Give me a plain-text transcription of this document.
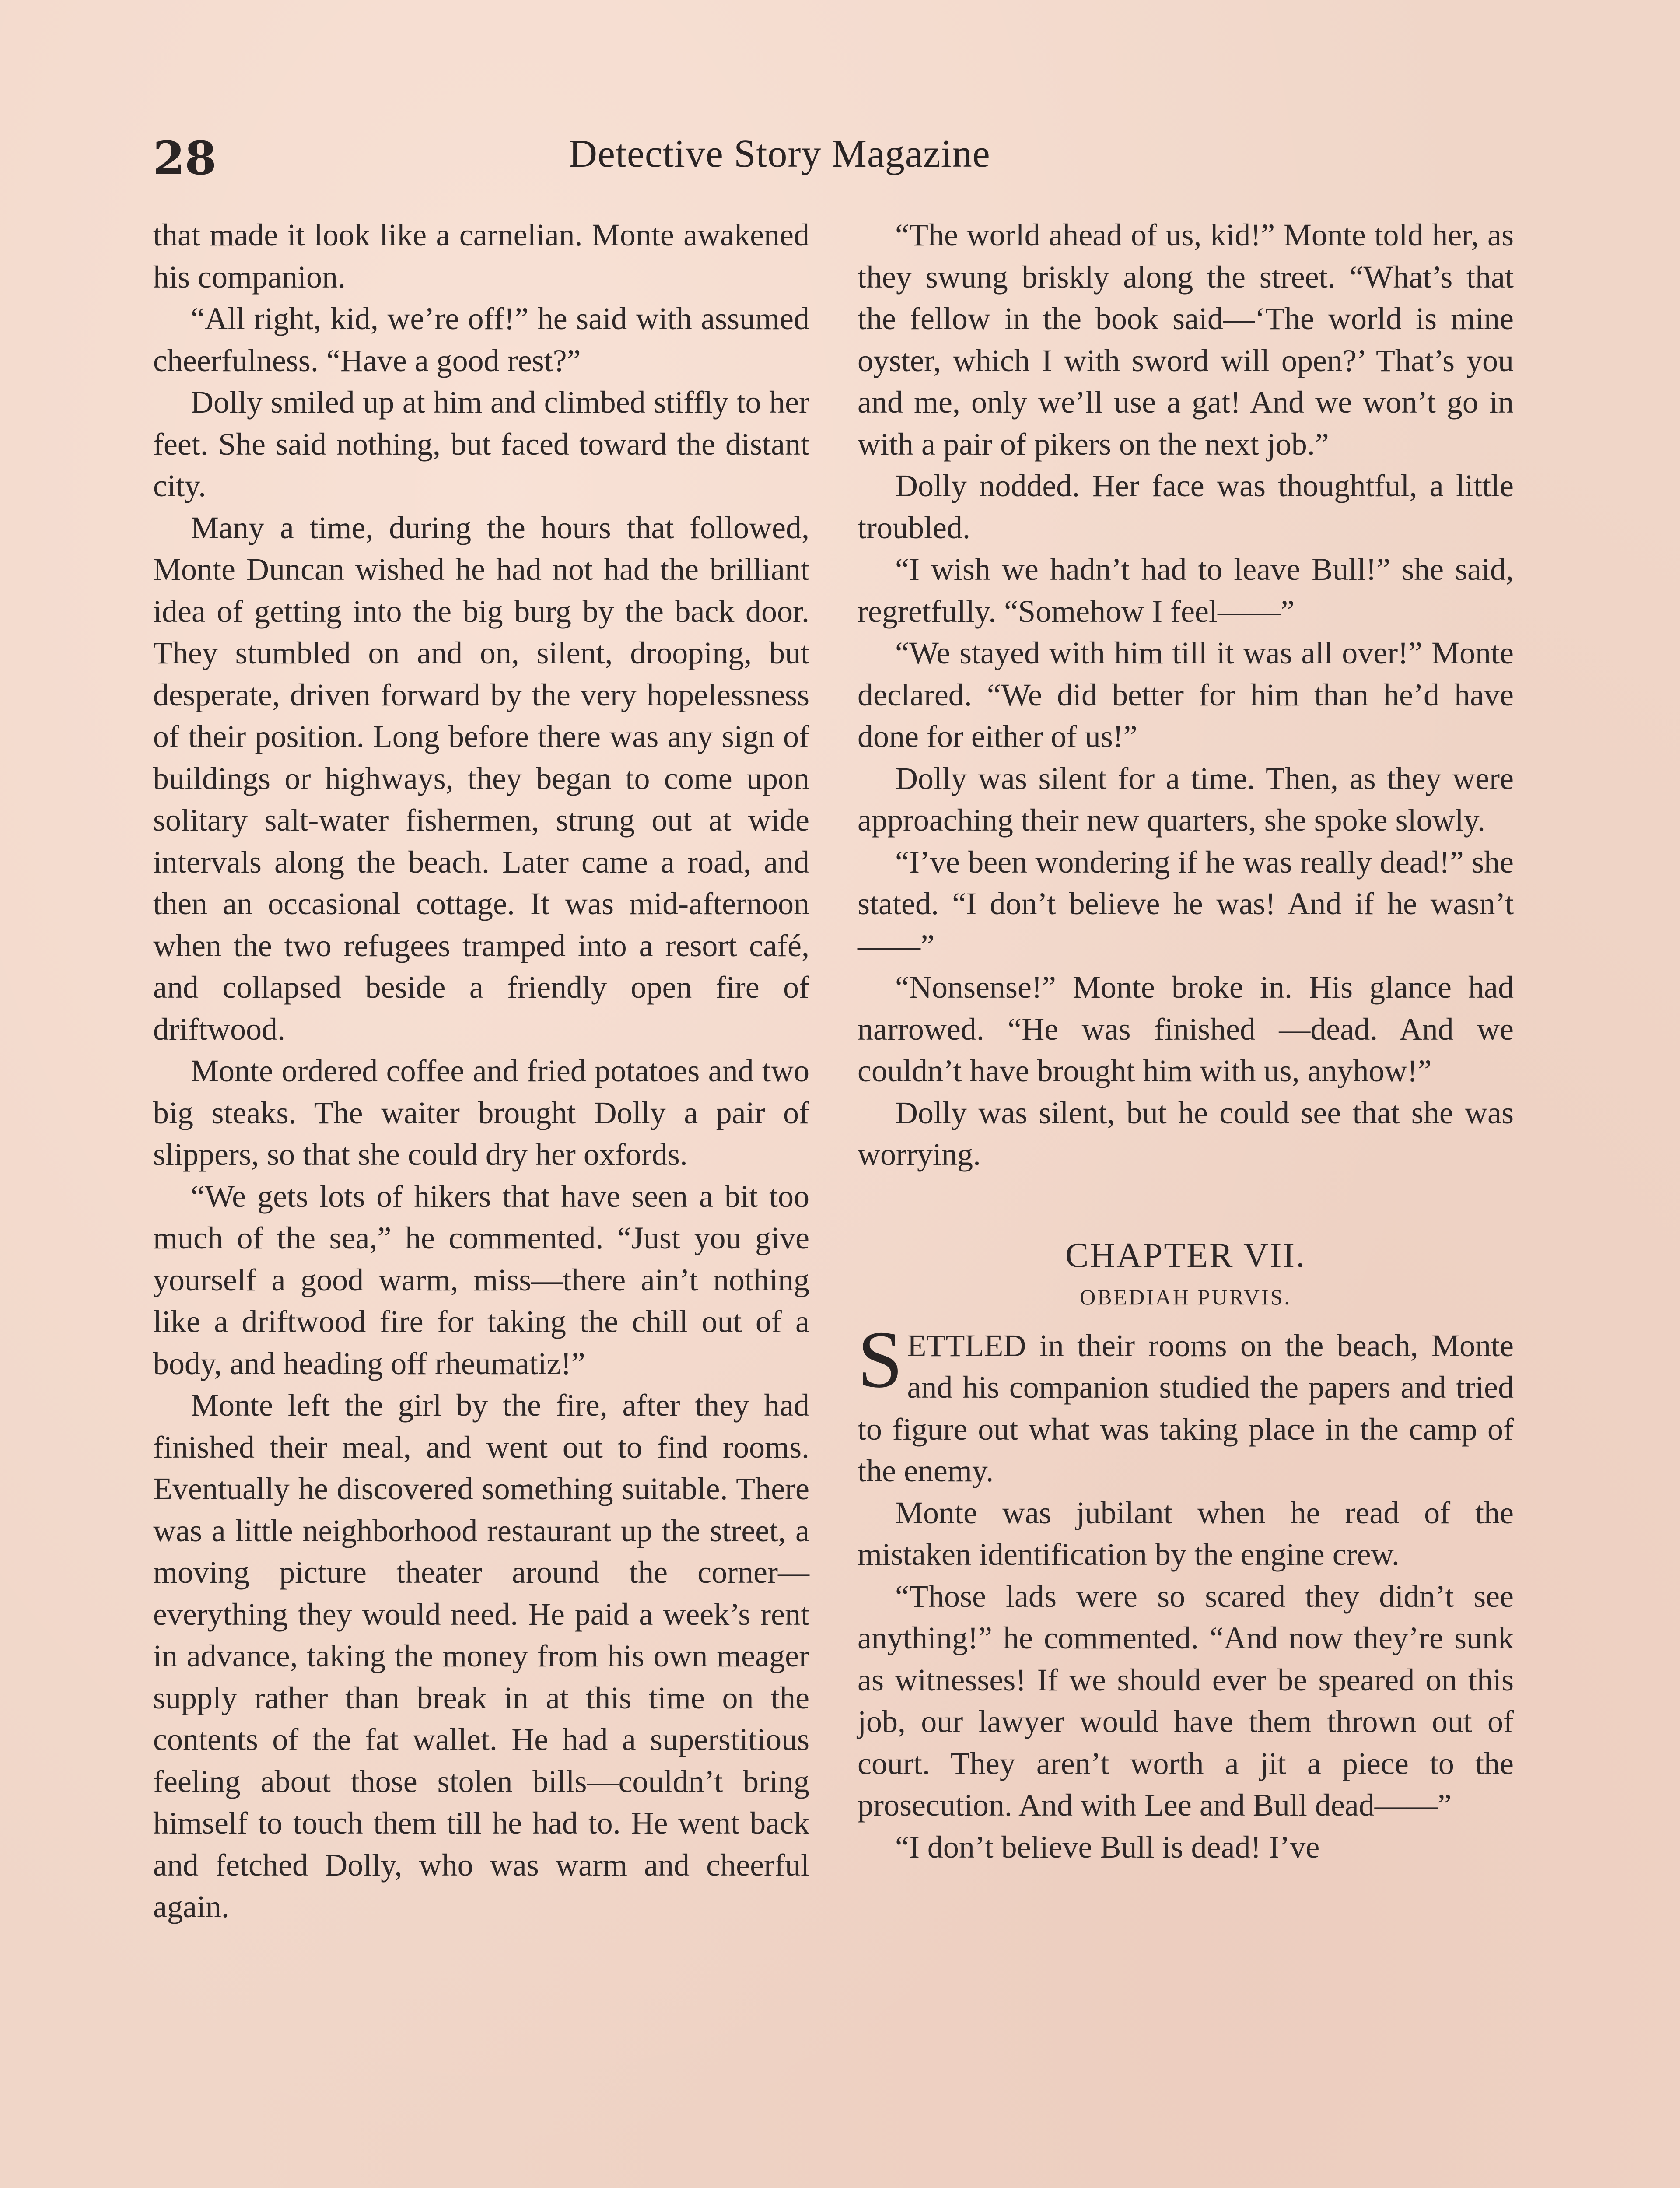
28	Detective Story Magazine

that made it look like a carnelian. Monte awakened his companion.

“All right, kid, we’re off!” he said with assumed cheerfulness. “Have a good rest?”

Dolly smiled up at him and climbed stiffly to her feet. She said nothing, but faced toward the distant city.

Many a time, during the hours that followed, Monte Duncan wished he had not had the brilliant idea of getting into the big burg by the back door. They stumbled on and on, silent, drooping, but desperate, driven forward by the very hopelessness of their position. Long before there was any sign of buildings or highways, they began to come upon solitary salt-water fishermen, strung out at wide intervals along the beach. Later came a road, and then an occasional cottage. It was mid-afternoon when the two refugees tramped into a resort café, and collapsed beside a friendly open fire of driftwood.

Monte ordered coffee and fried potatoes and two big steaks. The waiter brought Dolly a pair of slippers, so that she could dry her oxfords.

“We gets lots of hikers that have seen a bit too much of the sea,” he commented. “Just you give yourself a good warm, miss—there ain’t nothing like a driftwood fire for taking the chill out of a body, and heading off rheumatiz!”

Monte left the girl by the fire, after they had finished their meal, and went out to find rooms. Eventually he discovered something suitable. There was a little neighborhood restaurant up the street, a moving picture theater around the corner—everything they would need. He paid a week’s rent in advance, taking the money from his own meager supply rather than break in at this time on the contents of the fat wallet. He had a superstitious feeling about those stolen bills—couldn’t bring himself to touch them till he had to. He went back and fetched Dolly, who was warm and cheerful again.

“The world ahead of us, kid!” Monte told her, as they swung briskly along the street. “What’s that the fellow in the book said—‘The world is mine oyster, which I with sword will open?’ That’s you and me, only we’ll use a gat! And we won’t go in with a pair of pikers on the next job.”

Dolly nodded. Her face was thoughtful, a little troubled.

“I wish we hadn’t had to leave Bull!” she said, regretfully. “Somehow I feel——”

“We stayed with him till it was all over!” Monte declared. “We did better for him than he’d have done for either of us!”

Dolly was silent for a time. Then, as they were approaching their new quarters, she spoke slowly.

“I’ve been wondering if he was really dead!” she stated. “I don’t believe he was! And if he wasn’t——”

“Nonsense!” Monte broke in. His glance had narrowed. “He was finished —dead. And we couldn’t have brought him with us, anyhow!”

Dolly was silent, but he could see that she was worrying.

CHAPTER VII.
OBEDIAH PURVIS.

SETTLED in their rooms on the beach, Monte and his companion studied the papers and tried to figure out what was taking place in the camp of the enemy.

Monte was jubilant when he read of the mistaken identification by the engine crew.

“Those lads were so scared they didn’t see anything!” he commented. “And now they’re sunk as witnesses! If we should ever be speared on this job, our lawyer would have them thrown out of court. They aren’t worth a jit a piece to the prosecution. And with Lee and Bull dead——”

“I don’t believe Bull is dead! I’ve
